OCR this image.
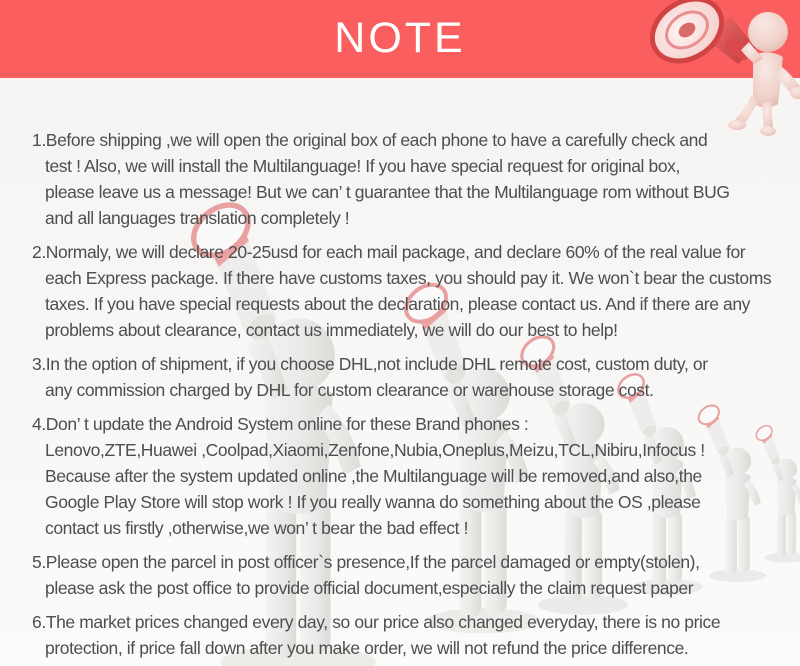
NOTE
1.Before shipping ,we will open the original box of each phone to have a carefully check and
test ! Also, we will install the Multilanguage! If you have special request for original box,
please leave us a message! But we can’ t guarantee that the Multilanguage rom without BUG
and all languages translation completely !
2.Normaly, we will declare 20-25usd for each mail package, and declare 60% of the real value for
each Express package. If there have customs taxes, you should pay it. We won`t bear the customs
taxes. If you have special requests about the declaration, please contact us. And if there are any
problems about clearance, contact us immediately, we will do our best to help!
3.In the option of shipment, if you choose DHL,not include DHL remote cost, custom duty, or
any commission charged by DHL for custom clearance or warehouse storage cost.
4.Don’ t update the Android System online for these Brand phones :
Lenovo,ZTE,Huawei ,Coolpad,Xiaomi,Zenfone,Nubia,Oneplus,Meizu,TCL,Nibiru,Infocus !
Because after the system updated online ,the Multilanguage will be removed,and also,the
Google Play Store will stop work ! If you really wanna do something about the OS ,please
contact us firstly ,otherwise,we won’ t bear the bad effect !
5.Please open the parcel in post officer`s presence,If the parcel damaged or empty(stolen),
please ask the post office to provide official document,especially the claim request paper
6.The market prices changed every day, so our price also changed everyday, there is no price
protection, if price fall down after you make order, we will not refund the price difference.
